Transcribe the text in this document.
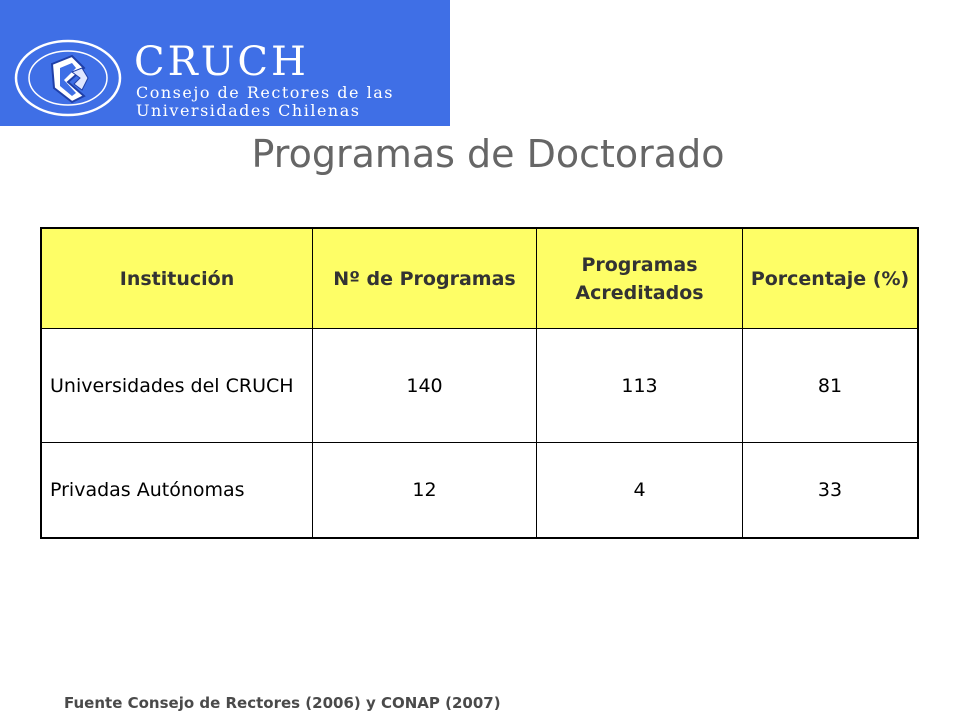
CRUCH
Consejo de Rectores de las
Universidades Chilenas
Programas de Doctorado
Institución	Nº de Programas	Programas Acreditados	Porcentaje (%)
Universidades del CRUCH	140	113	81
Privadas Autónomas	12	4	33
Fuente Consejo de Rectores (2006) y CONAP (2007)
